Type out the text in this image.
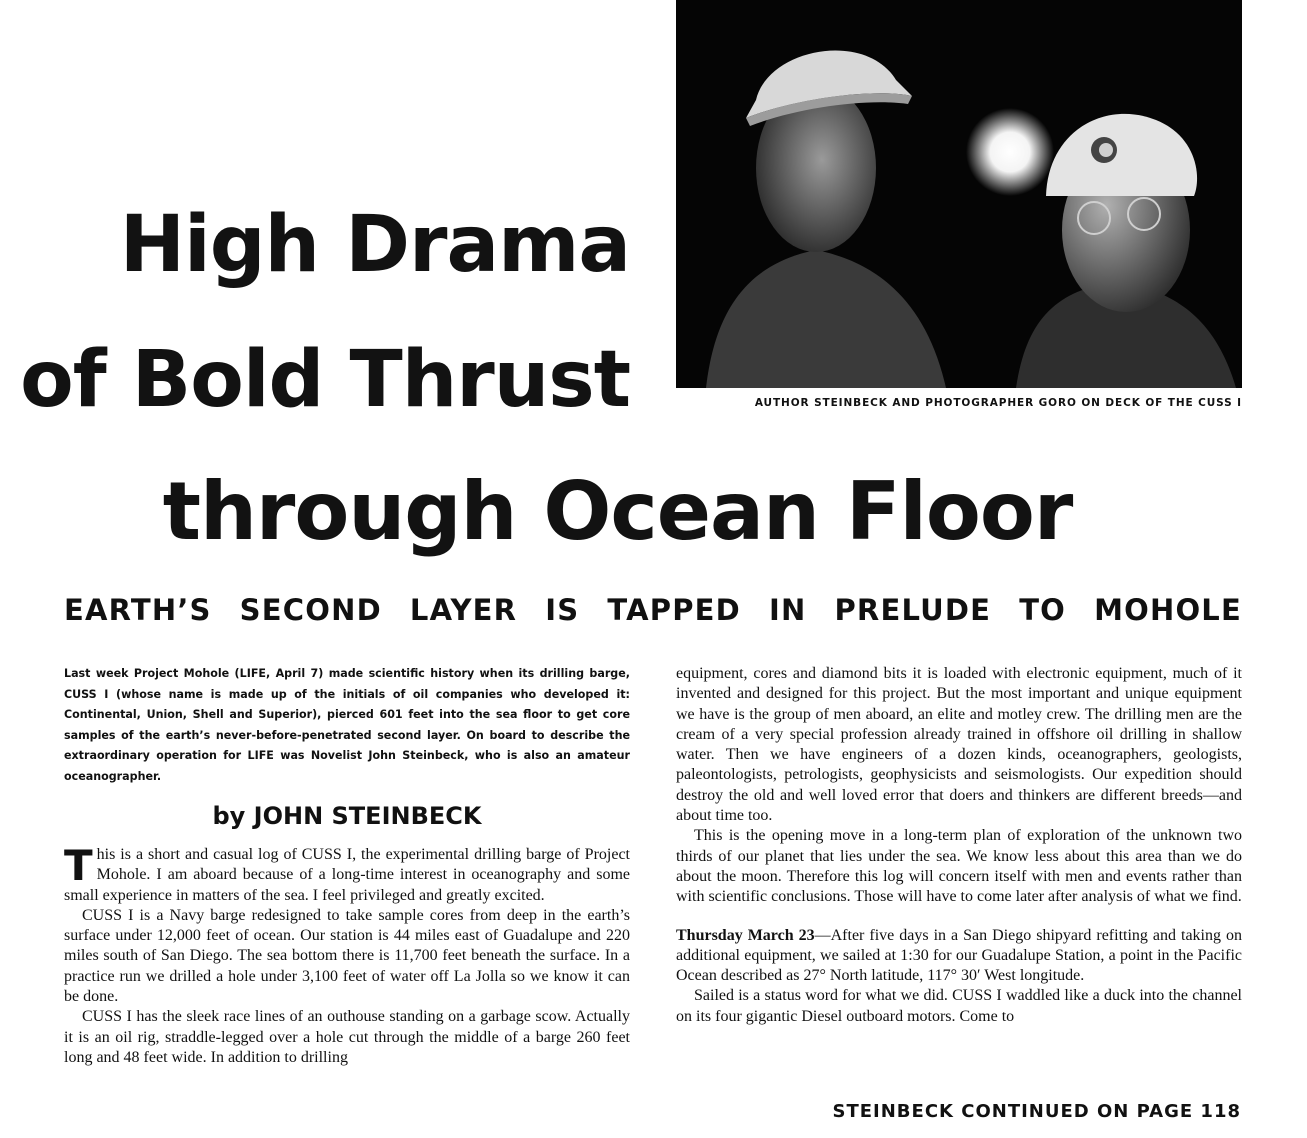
High Drama
of Bold Thrust
through Ocean Floor
AUTHOR STEINBECK AND PHOTOGRAPHER GORO ON DECK OF THE CUSS I
EARTH’S SECOND LAYER IS TAPPED IN PRELUDE TO MOHOLE

Last week Project Mohole (LIFE, April 7) made scientific history when its drilling barge, CUSS I (whose name is made up of the initials of oil companies who developed it: Continental, Union, Shell and Superior), pierced 601 feet into the sea floor to get core samples of the earth’s never-before-penetrated second layer. On board to describe the extraordinary operation for LIFE was Novelist John Steinbeck, who is also an amateur oceanographer.

by JOHN STEINBECK

This is a short and casual log of CUSS I, the experimental drilling barge of Project Mohole. I am aboard because of a long-time interest in oceanography and some small experience in matters of the sea. I feel privileged and greatly excited.

CUSS I is a Navy barge redesigned to take sample cores from deep in the earth’s surface under 12,000 feet of ocean. Our station is 44 miles east of Guadalupe and 220 miles south of San Diego. The sea bottom there is 11,700 feet beneath the surface. In a practice run we drilled a hole under 3,100 feet of water off La Jolla so we know it can be done.

CUSS I has the sleek race lines of an outhouse standing on a garbage scow. Actually it is an oil rig, straddle-legged over a hole cut through the middle of a barge 260 feet long and 48 feet wide. In addition to drilling

equipment, cores and diamond bits it is loaded with electronic equipment, much of it invented and designed for this project. But the most important and unique equipment we have is the group of men aboard, an elite and motley crew. The drilling men are the cream of a very special profession already trained in offshore oil drilling in shallow water. Then we have engineers of a dozen kinds, oceanographers, geologists, paleontologists, petrologists, geophysicists and seismologists. Our expedition should destroy the old and well loved error that doers and thinkers are different breeds—and about time too.

This is the opening move in a long-term plan of exploration of the unknown two thirds of our planet that lies under the sea. We know less about this area than we do about the moon. Therefore this log will concern itself with men and events rather than with scientific conclusions. Those will have to come later after analysis of what we find.

Thursday March 23—After five days in a San Diego shipyard refitting and taking on additional equipment, we sailed at 1:30 for our Guadalupe Station, a point in the Pacific Ocean described as 27° North latitude, 117° 30′ West longitude.

Sailed is a status word for what we did. CUSS I waddled like a duck into the channel on its four gigantic Diesel outboard motors. Come to

STEINBECK CONTINUED ON PAGE 118
